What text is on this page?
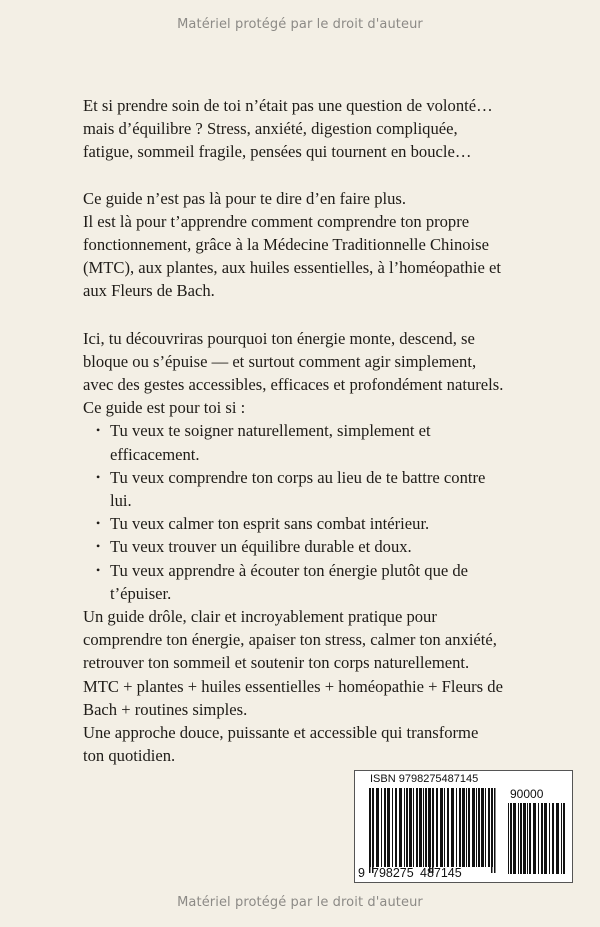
Matériel protégé par le droit d'auteur

Et si prendre soin de toi n’était pas une question de volonté…

mais d’équilibre ? Stress, anxiété, digestion compliquée,

fatigue, sommeil fragile, pensées qui tournent en boucle…

Ce guide n’est pas là pour te dire d’en faire plus.

Il est là pour t’apprendre comment comprendre ton propre

fonctionnement, grâce à la Médecine Traditionnelle Chinoise

(MTC), aux plantes, aux huiles essentielles, à l’homéopathie et

aux Fleurs de Bach.

Ici, tu découvriras pourquoi ton énergie monte, descend, se

bloque ou s’épuise — et surtout comment agir simplement,

avec des gestes accessibles, efficaces et profondément naturels.

Ce guide est pour toi si :

• Tu veux te soigner naturellement, simplement et
efficacement.
• Tu veux comprendre ton corps au lieu de te battre contre
lui.
• Tu veux calmer ton esprit sans combat intérieur.
• Tu veux trouver un équilibre durable et doux.
• Tu veux apprendre à écouter ton énergie plutôt que de
t’épuiser.

Un guide drôle, clair et incroyablement pratique pour

comprendre ton énergie, apaiser ton stress, calmer ton anxiété,

retrouver ton sommeil et soutenir ton corps naturellement.

MTC + plantes + huiles essentielles + homéopathie + Fleurs de

Bach + routines simples.

Une approche douce, puissante et accessible qui transforme

ton quotidien.

ISBN 9798275487145
90000
9 798275 487145
Matériel protégé par le droit d'auteur
